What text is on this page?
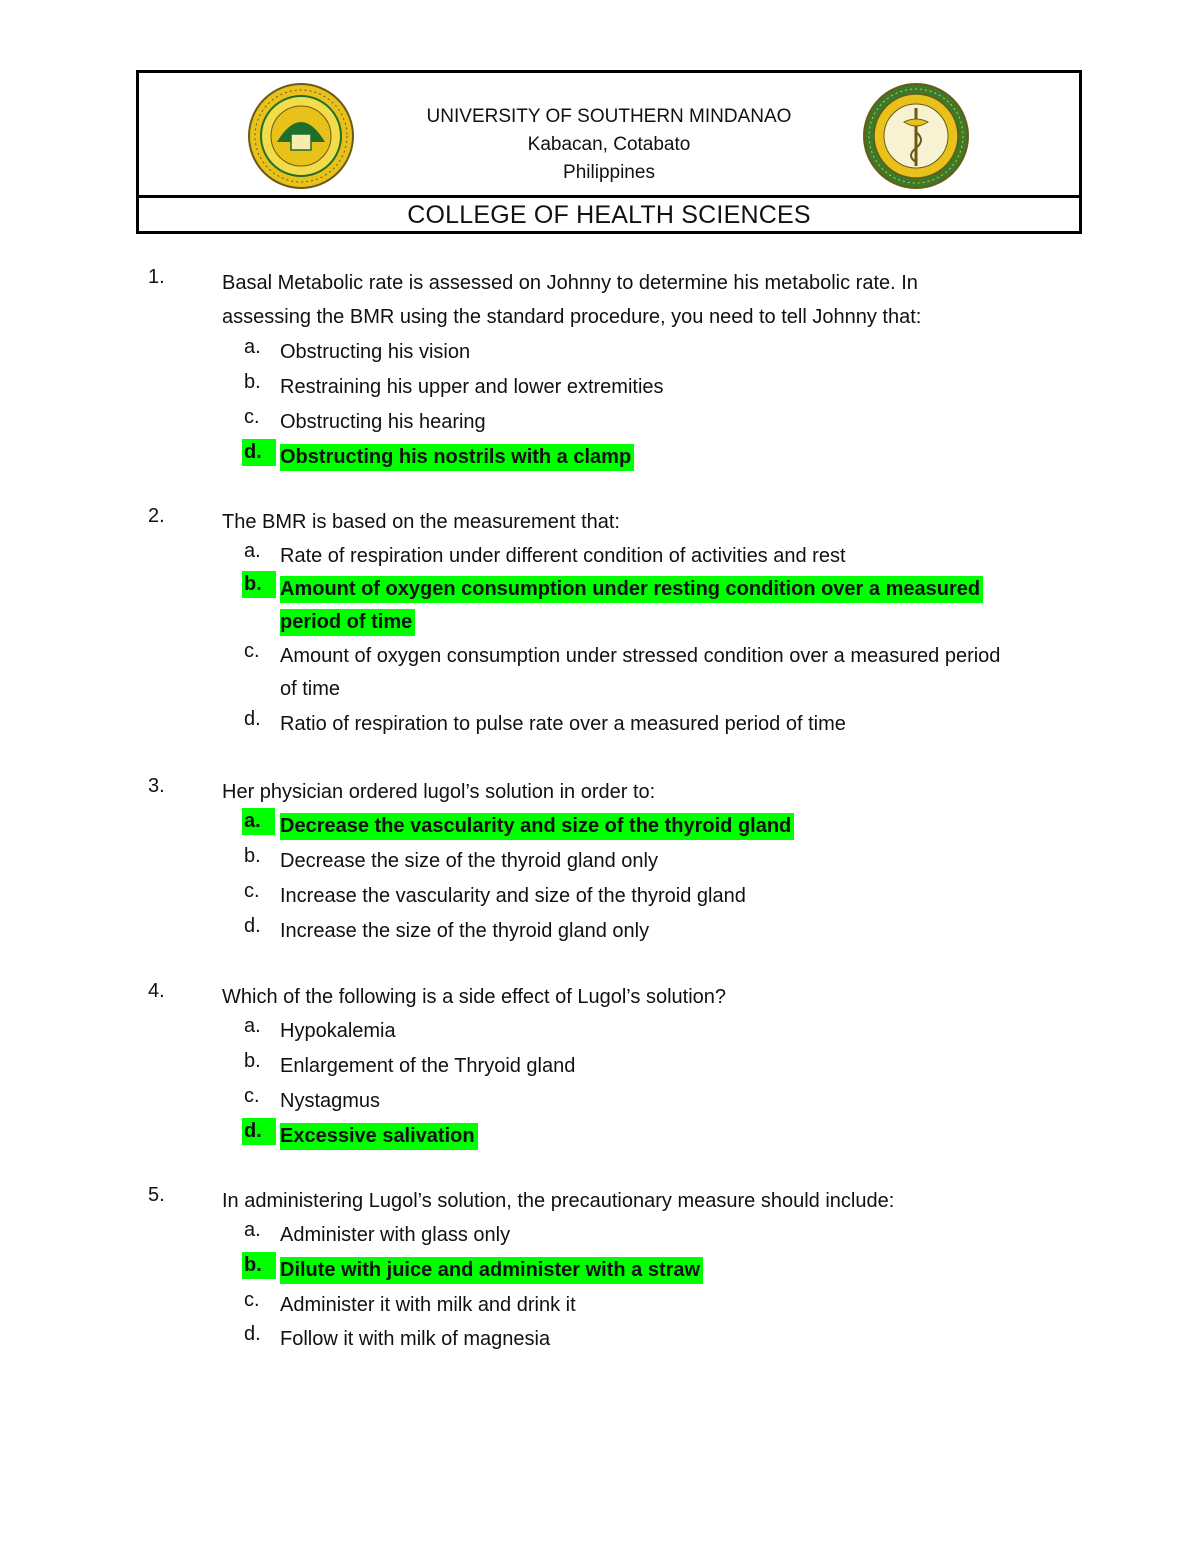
UNIVERSITY OF SOUTHERN MINDANAO
Kabacan, Cotabato
Philippines
COLLEGE OF HEALTH SCIENCES
1.	Basal Metabolic rate is assessed on Johnny to determine his metabolic rate. In assessing the BMR using the standard procedure, you need to tell Johnny that:
a. Obstructing his vision
b. Restraining his upper and lower extremities
c.	Obstructing his hearing
d. Obstructing his nostrils with a clamp
2.	The BMR is based on the measurement that:
a. Rate of respiration under different condition of activities and rest
b. Amount of oxygen consumption under resting condition over a measured period of time
c.	Amount of oxygen consumption under stressed condition over a measured period of time
d. Ratio of respiration to pulse rate over a measured period of time
3.	Her physician ordered lugol’s solution in order to:
a. Decrease the vascularity and size of the thyroid gland
b. Decrease the size of the thyroid gland only
c.	Increase the vascularity and size of the thyroid gland
d. Increase the size of the thyroid gland only
4.	Which of the following is a side effect of Lugol’s solution?
a. Hypokalemia
b. Enlargement of the Thryoid gland
c.	Nystagmus
d. Excessive salivation
5.	In administering Lugol’s solution, the precautionary measure should include:
a. Administer with glass only
b. Dilute with juice and administer with a straw
c.	Administer it with milk and drink it
d. Follow it with milk of magnesia
